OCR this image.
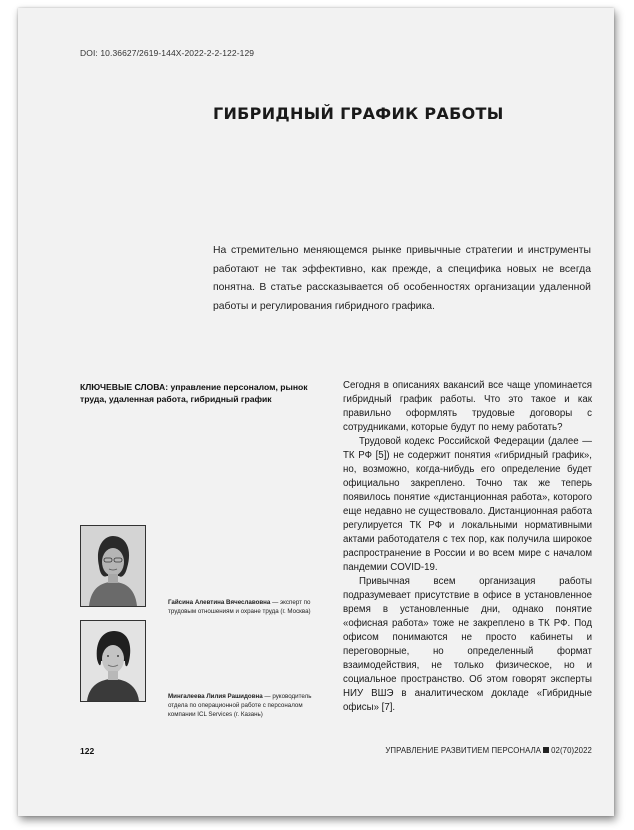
DOI: 10.36627/2619-144X-2022-2-2-122-129
ГИБРИДНЫЙ ГРАФИК РАБОТЫ

На стремительно меняющемся рынке привычные стратегии и инструменты работают не так эффективно, как прежде, а специфика новых не всегда понятна. В статье рассказывается об особенностях организации удаленной работы и регулирования гибридного графика.

КЛЮЧЕВЫЕ СЛОВА: управление персоналом, рынок труда, удаленная работа, гибридный график

Гайсина Алевтина Вячеславовна — эксперт по трудовым отношениям и охране труда (г. Москва)

Мингалеева Лилия Рашидовна — руководитель отдела по операционной работе с персоналом компании ICL Services (г. Казань)

Сегодня в описаниях вакансий все чаще упоминается гибридный график работы. Что это такое и как правильно оформлять трудовые договоры с сотрудниками, которые будут по нему работать?

Трудовой кодекс Российской Федерации (далее — ТК РФ [5]) не содержит понятия «гибридный график», но, возможно, когда-нибудь его определение будет официально закреплено. Точно так же теперь появилось понятие «дистанционная работа», которого еще недавно не существовало. Дистанционная работа регулируется ТК РФ и локальными нормативными актами работодателя с тех пор, как получила широкое распространение в России и во всем мире с началом пандемии COVID-19.

Привычная всем организация работы подразумевает присутствие в офисе в установленное время в установленные дни, однако понятие «офисная работа» тоже не закреплено в ТК РФ. Под офисом понимаются не просто кабинеты и переговорные, но определенный формат взаимодействия, не только физическое, но и социальное пространство. Об этом говорят эксперты НИУ ВШЭ в аналитическом докладе «Гибридные офисы» [7].

122	УПРАВЛЕНИЕ РАЗВИТИЕМ ПЕРСОНАЛА 02(70)2022
